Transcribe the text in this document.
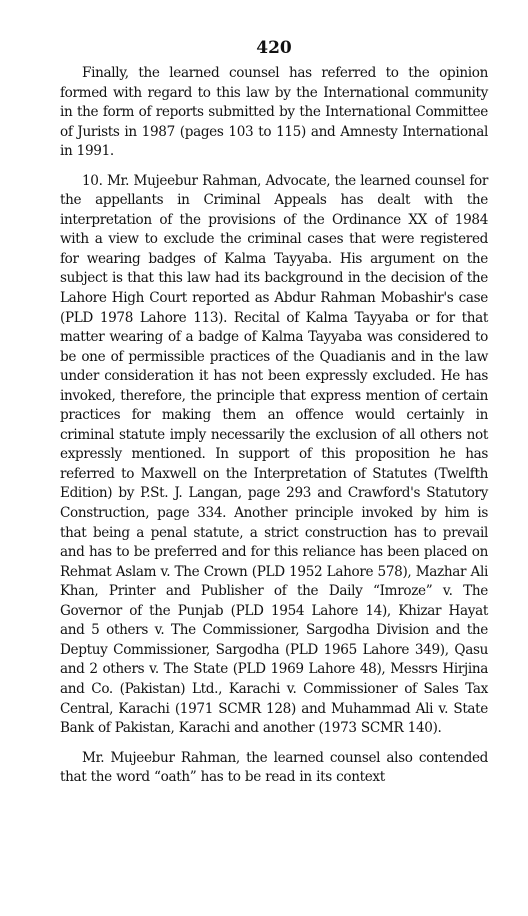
420

Finally, the learned counsel has referred to the opinion formed with regard to this law by the International community in the form of reports submitted by the International Committee of Jurists in 1987 (pages 103 to 115) and Amnesty International in 1991.

10. Mr. Mujeebur Rahman, Advocate, the learned counsel for the appellants in Criminal Appeals has dealt with the interpretation of the provisions of the Ordinance XX of 1984 with a view to exclude the criminal cases that were registered for wearing badges of Kalma Tayyaba. His argument on the subject is that this law had its background in the decision of the Lahore High Court reported as Abdur Rahman Mobashir's case (PLD 1978 Lahore 113). Recital of Kalma Tayyaba or for that matter wearing of a badge of Kalma Tayyaba was considered to be one of permissible practices of the Quadianis and in the law under consideration it has not been expressly excluded. He has invoked, therefore, the principle that express mention of certain practices for making them an offence would certainly in criminal statute imply necessarily the exclusion of all others not expressly mentioned. In support of this proposition he has referred to Maxwell on the Interpretation of Statutes (Twelfth Edition) by P.St. J. Langan, page 293 and Crawford's Statutory Construction, page 334. Another principle invoked by him is that being a penal statute, a strict construction has to prevail and has to be preferred and for this reliance has been placed on Rehmat Aslam v. The Crown (PLD 1952 Lahore 578), Mazhar Ali Khan, Printer and Publisher of the Daily “Imroze” v. The Governor of the Punjab (PLD 1954 Lahore 14), Khizar Hayat and 5 others v. The Commissioner, Sargodha Division and the Deptuy Commissioner, Sargodha (PLD 1965 Lahore 349), Qasu and 2 others v. The State (PLD 1969 Lahore 48), Messrs Hirjina and Co. (Pakistan) Ltd., Karachi v. Commissioner of Sales Tax Central, Karachi (1971 SCMR 128) and Muhammad Ali v. State Bank of Pakistan, Karachi and another (1973 SCMR 140).

Mr. Mujeebur Rahman, the learned counsel also contended that the word “oath” has to be read in its context
